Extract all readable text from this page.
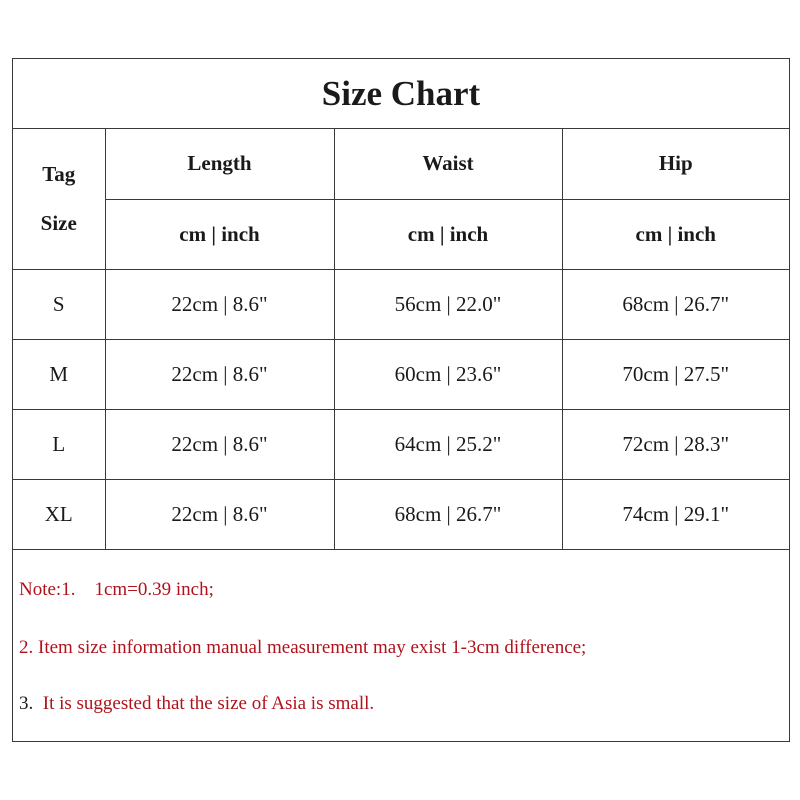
Size Chart
Tag
Size	Length	Waist	Hip
	cm | inch	cm | inch	cm | inch
S	22cm | 8.6"	56cm | 22.0"	68cm | 26.7"
M	22cm | 8.6"	60cm | 23.6"	70cm | 27.5"
L	22cm | 8.6"	64cm | 25.2"	72cm | 28.3"
XL	22cm | 8.6"	68cm | 26.7"	74cm | 29.1"
Note:1.    1cm=0.39 inch;
2. Item size information manual measurement may exist 1-3cm difference;
3. It is suggested that the size of Asia is small.
